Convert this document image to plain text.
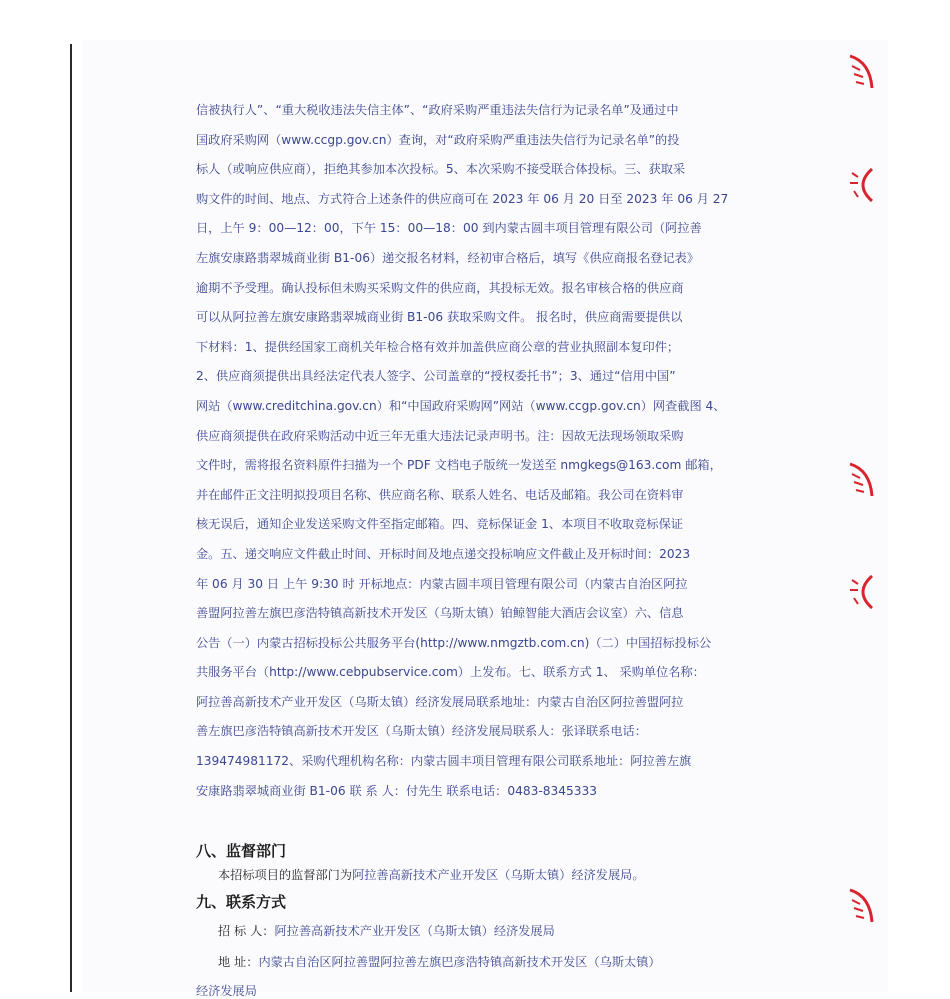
信被执行人”、“重大税收违法失信主体”、“政府采购严重违法失信行为记录名单”及通过中
国政府采购网（www.ccgp.gov.cn）查询，对“政府采购严重违法失信行为记录名单”的投
标人（或响应供应商），拒绝其参加本次投标。5、本次采购不接受联合体投标。三、获取采
购文件的时间、地点、方式符合上述条件的供应商可在 2023 年 06 月 20 日至 2023 年 06 月 27
日，上午 9：00—12：00，下午 15：00—18：00 到内蒙古圆丰项目管理有限公司（阿拉善
左旗安康路翡翠城商业街 B1-06）递交报名材料，经初审合格后，填写《供应商报名登记表》
逾期不予受理。确认投标但未购买采购文件的供应商，其投标无效。报名审核合格的供应商
可以从阿拉善左旗安康路翡翠城商业街 B1-06 获取采购文件。 报名时，供应商需要提供以
下材料：1、提供经国家工商机关年检合格有效并加盖供应商公章的营业执照副本复印件；
2、供应商须提供出具经法定代表人签字、公司盖章的“授权委托书”；3、通过“信用中国”
网站（www.creditchina.gov.cn）和“中国政府采购网”网站（www.ccgp.gov.cn）网查截图 4、
供应商须提供在政府采购活动中近三年无重大违法记录声明书。注：因故无法现场领取采购
文件时，需将报名资料原件扫描为一个 PDF 文档电子版统一发送至 nmgkegs@163.com 邮箱，
并在邮件正文注明拟投项目名称、供应商名称、联系人姓名、电话及邮箱。我公司在资料审
核无误后，通知企业发送采购文件至指定邮箱。四、竞标保证金 1、本项目不收取竞标保证
金。五、递交响应文件截止时间、开标时间及地点递交投标响应文件截止及开标时间：2023
年 06 月 30 日 上午 9:30 时 开标地点：内蒙古圆丰项目管理有限公司（内蒙古自治区阿拉
善盟阿拉善左旗巴彦浩特镇高新技术开发区（乌斯太镇）铂鲸智能大酒店会议室）六、信息
公告（一）内蒙古招标投标公共服务平台(http://www.nmgztb.com.cn)（二）中国招标投标公
共服务平台（http://www.cebpubservice.com）上发布。七、联系方式 1、 采购单位名称：
阿拉善高新技术产业开发区（乌斯太镇）经济发展局联系地址：内蒙古自治区阿拉善盟阿拉
善左旗巴彦浩特镇高新技术开发区（乌斯太镇）经济发展局联系人：张译联系电话：
139474981172、采购代理机构名称：内蒙古圆丰项目管理有限公司联系地址：阿拉善左旗
安康路翡翠城商业街 B1-06 联 系 人：付先生 联系电话：0483-8345333
八、监督部门
本招标项目的监督部门为阿拉善高新技术产业开发区（乌斯太镇）经济发展局。
九、联系方式
招 标 人：阿拉善高新技术产业开发区（乌斯太镇）经济发展局
地 址：内蒙古自治区阿拉善盟阿拉善左旗巴彦浩特镇高新技术开发区（乌斯太镇）
经济发展局
